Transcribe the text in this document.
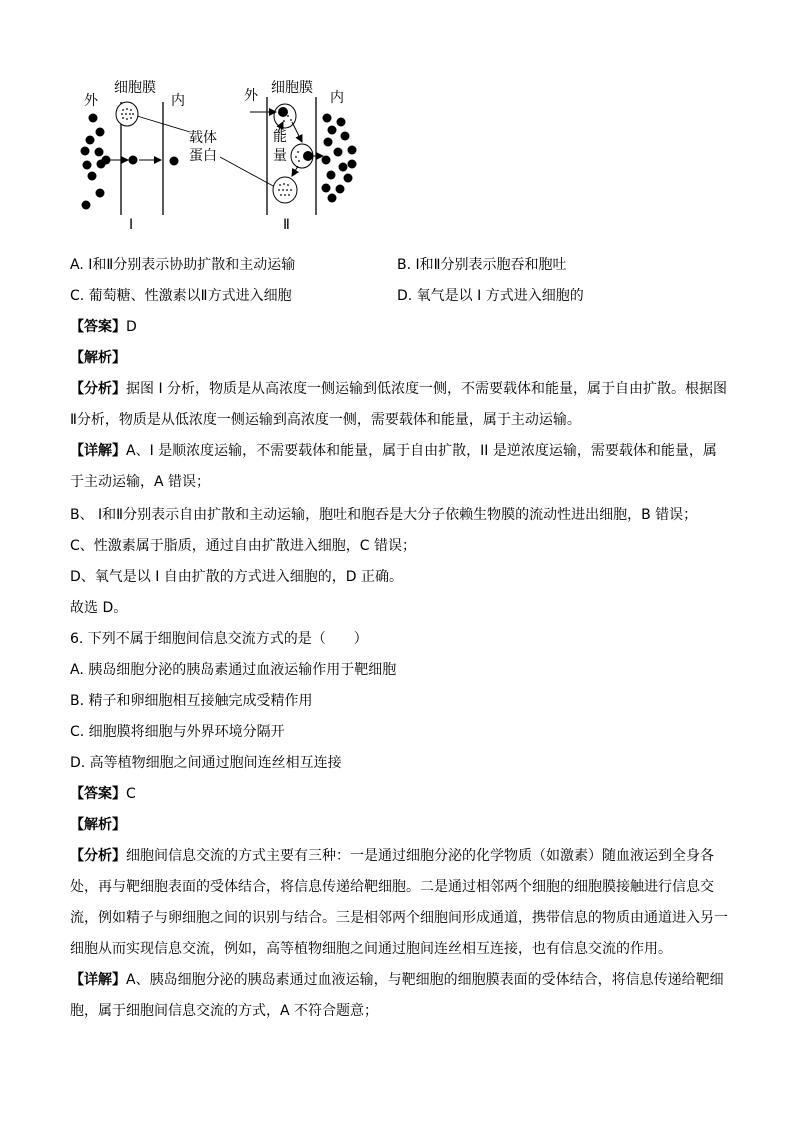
外
细胞膜
内
I
载体
蛋白
外 细胞膜
内
Ⅱ
能
量
A. I和Ⅱ分别表示协助扩散和主动运输	B. I和Ⅱ分别表示胞吞和胞吐
C. 葡萄糖、性激素以Ⅱ方式进入细胞	D. 氧气是以 I 方式进入细胞的
【答案】D
【解析】
【分析】据图 I 分析，物质是从高浓度一侧运输到低浓度一侧，不需要载体和能量，属于自由扩散。根据图Ⅱ分析，物质是从低浓度一侧运输到高浓度一侧，需要载体和能量，属于主动运输。
【详解】A、I 是顺浓度运输，不需要载体和能量，属于自由扩散，II 是逆浓度运输，需要载体和能量，属于主动运输，A 错误；
B、 I和Ⅱ分别表示自由扩散和主动运输，胞吐和胞吞是大分子依赖生物膜的流动性进出细胞，B 错误；
C、性激素属于脂质，通过自由扩散进入细胞，C 错误；
D、氧气是以 I 自由扩散的方式进入细胞的，D 正确。
故选 D。
6. 下列不属于细胞间信息交流方式的是（　　）
A. 胰岛细胞分泌的胰岛素通过血液运输作用于靶细胞
B. 精子和卵细胞相互接触完成受精作用
C. 细胞膜将细胞与外界环境分隔开
D. 高等植物细胞之间通过胞间连丝相互连接
【答案】C
【解析】
【分析】细胞间信息交流的方式主要有三种：一是通过细胞分泌的化学物质（如激素）随血液运到全身各处，再与靶细胞表面的受体结合，将信息传递给靶细胞。二是通过相邻两个细胞的细胞膜接触进行信息交流，例如精子与卵细胞之间的识别与结合。三是相邻两个细胞间形成通道，携带信息的物质由通道进入另一细胞从而实现信息交流，例如，高等植物细胞之间通过胞间连丝相互连接，也有信息交流的作用。
【详解】A、胰岛细胞分泌的胰岛素通过血液运输，与靶细胞的细胞膜表面的受体结合，将信息传递给靶细胞，属于细胞间信息交流的方式，A 不符合题意；
